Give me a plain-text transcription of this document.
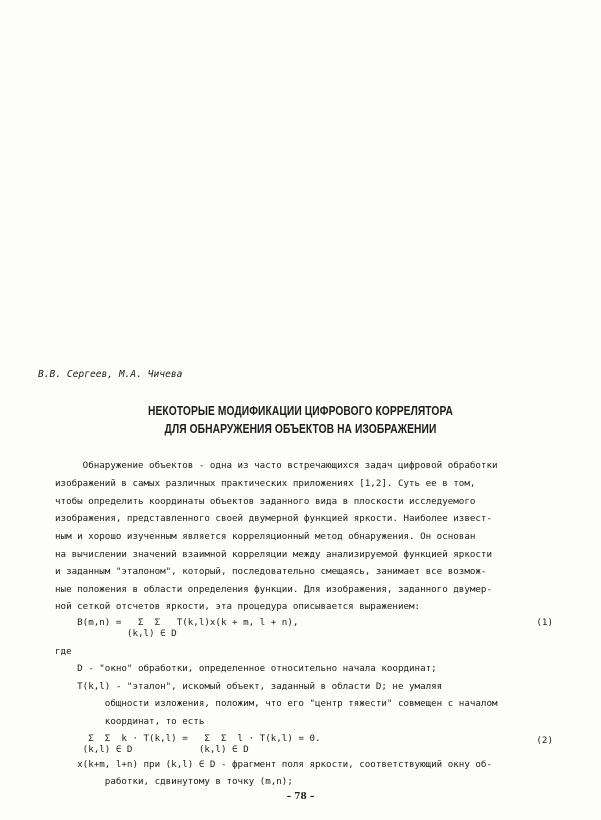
В.В. Сергеев, М.А. Чичева
НЕКОТОРЫЕ МОДИФИКАЦИИ ЦИФРОВОГО КОРРЕЛЯТОРА
ДЛЯ ОБНАРУЖЕНИЯ ОБЪЕКТОВ НА ИЗОБРАЖЕНИИ
Обнаружение объектов - одна из часто встречающихся задач цифровой обработки
изображений в самых различных практических приложениях [1,2]. Суть ее в том,
чтобы определить координаты объектов заданного вида в плоскости исследуемого
изображения, представленного своей двумерной функцией яркости. Наиболее извест-
ным и хорошо изученным является корреляционный метод обнаружения. Он основан
на вычислении значений взаимной корреляции между анализируемой функцией яркости
и заданным "эталоном", который, последовательно смещаясь, занимает все возмож-
ные положения в области определения функции. Для изображения, заданного двумер-
ной сеткой отсчетов яркости, эта процедура описывается выражением:
B(m,n) =   Σ  Σ   T(k,l)x(k + m, l + n),
(k,l) ∈ D
(1)
где
D - "окно" обработки, определенное относительно начала координат;
T(k,l) - "эталон", искомый объект, заданный в области D; не умаляя
общности изложения, положим, что его "центр тяжести" совмещен с началом
координат, то есть
Σ  Σ  k · T(k,l) =   Σ  Σ  l · T(k,l) = 0.
(k,l) ∈ D            (k,l) ∈ D
(2)
x(k+m, l+n) при (k,l) ∈ D - фрагмент поля яркости, соответствующий окну об-
работки, сдвинутому в точку (m,n);
– 78 –
